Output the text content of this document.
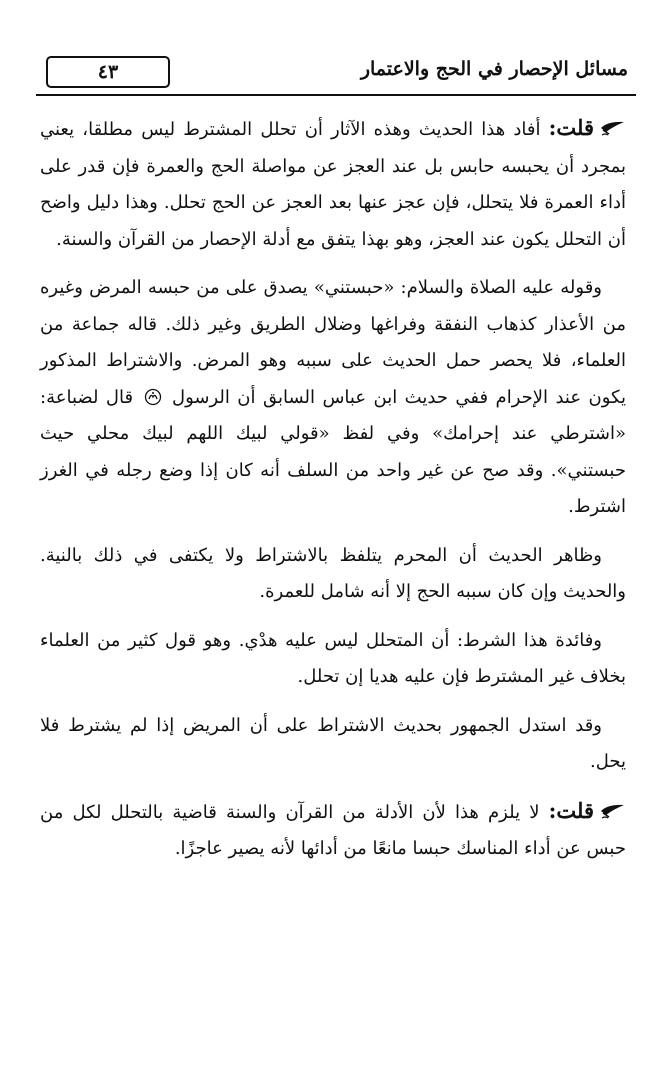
٤٣	مسائل الإحصار في الحج والاعتمار

قلت: أفاد هذا الحديث وهذه الآثار أن تحلل المشترط ليس مطلقا، يعني بمجرد أن يحبسه حابس بل عند العجز عن مواصلة الحج والعمرة فإن قدر على أداء العمرة فلا يتحلل، فإن عجز عنها بعد العجز عن الحج تحلل. وهذا دليل واضح أن التحلل يكون عند العجز، وهو بهذا يتفق مع أدلة الإحصار من القرآن والسنة.

وقوله عليه الصلاة والسلام: «حبستني» يصدق على من حبسه المرض وغيره من الأعذار كذهاب النفقة وفراغها وضلال الطريق وغير ذلك. قاله جماعة من العلماء، فلا يحصر حمل الحديث على سببه وهو المرض. والاشتراط المذكور يكون عند الإحرام ففي حديث ابن عباس السابق أن الرسول
قال لضباعة: «اشترطي عند إحرامك» وفي لفظ «قولي لبيك اللهم لبيك محلي حيث حبستني». وقد صح عن غير واحد من السلف أنه كان إذا وضع رجله في الغرز اشترط.

وظاهر الحديث أن المحرم يتلفظ بالاشتراط ولا يكتفى في ذلك بالنية. والحديث وإن كان سببه الحج إلا أنه شامل للعمرة.

وفائدة هذا الشرط: أن المتحلل ليس عليه هدْي. وهو قول كثير من العلماء بخلاف غير المشترط فإن عليه هديا إن تحلل.

وقد استدل الجمهور بحديث الاشتراط على أن المريض إذا لم يشترط فلا يحل.

قلت: لا يلزم هذا لأن الأدلة من القرآن والسنة قاضية بالتحلل لكل من حبس عن أداء المناسك حبسا مانعًا من أدائها لأنه يصير عاجزًا.
